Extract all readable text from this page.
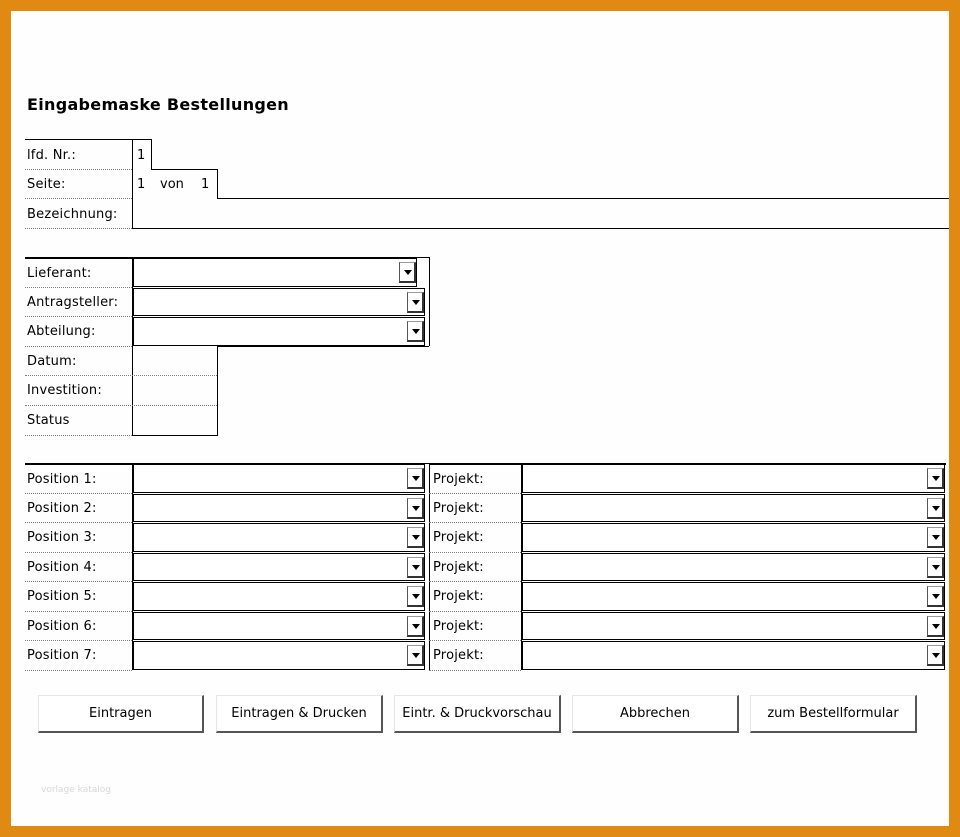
Eingabemaske Bestellungen
lfd. Nr.:	1
Seite:	1 von 1
Bezeichnung:
Lieferant:
Antragsteller:
Abteilung:
Datum:
Investition:
Status
Position 1:	Projekt:
Position 2:	Projekt:
Position 3:	Projekt:
Position 4:	Projekt:
Position 5:	Projekt:
Position 6:	Projekt:
Position 7:	Projekt:
Eintragen	Eintragen & Drucken	Eintr. & Druckvorschau	Abbrechen	zum Bestellformular
vorlage katalog
